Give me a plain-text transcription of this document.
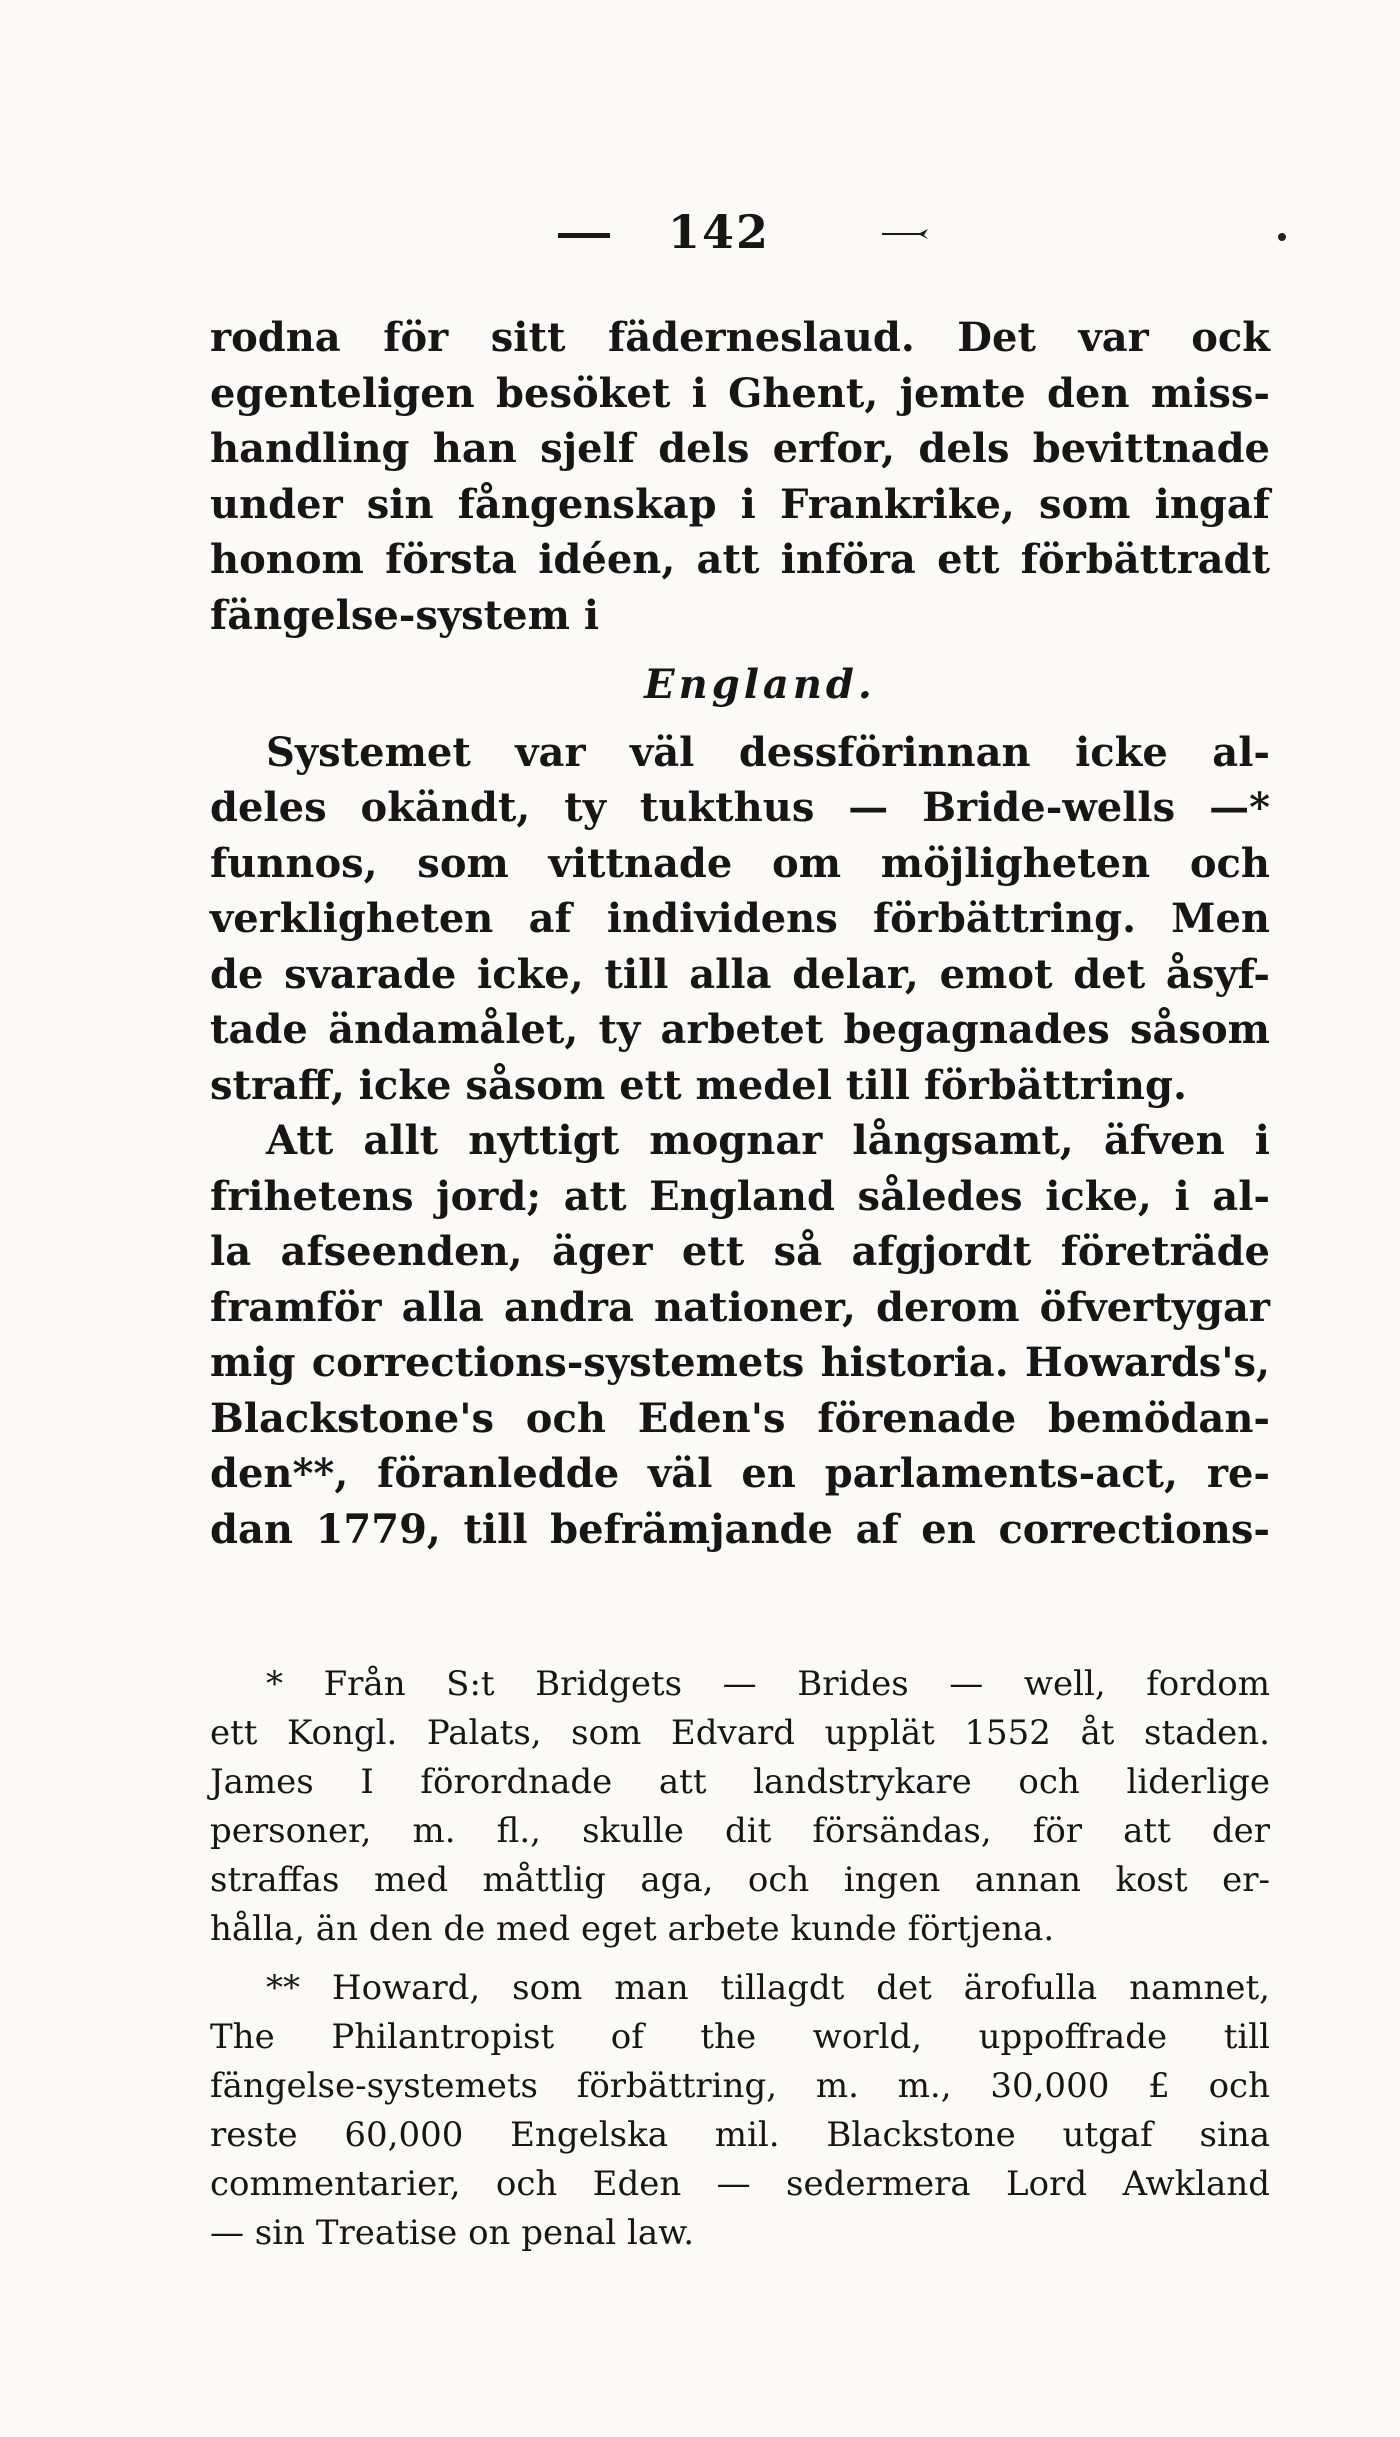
142
rodna för sitt fäderneslaud. Det var ock
egenteligen besöket i Ghent, jemte den miss-
handling han sjelf dels erfor, dels bevittnade
under sin fångenskap i Frankrike, som ingaf
honom första idéen, att införa ett förbättradt
fängelse-system i
England.
Systemet var väl dessförinnan icke al-
deles okändt, ty tukthus — Bride-wells —*
funnos, som vittnade om möjligheten och
verkligheten af individens förbättring. Men
de svarade icke, till alla delar, emot det åsyf-
tade ändamålet, ty arbetet begagnades såsom
straff, icke såsom ett medel till förbättring.
Att allt nyttigt mognar långsamt, äfven i
frihetens jord; att England således icke, i al-
la afseenden, äger ett så afgjordt företräde
framför alla andra nationer, derom öfvertygar
mig corrections-systemets historia. Howards's,
Blackstone's och Eden's förenade bemödan-
den**, föranledde väl en parlaments-act, re-
dan 1779, till befrämjande af en corrections-
* Från S:t Bridgets — Brides — well, fordom
ett Kongl. Palats, som Edvard upplät 1552 åt staden.
James I förordnade att landstrykare och liderlige
personer, m. fl., skulle dit försändas, för att der
straffas med måttlig aga, och ingen annan kost er-
hålla, än den de med eget arbete kunde förtjena.
** Howard, som man tillagdt det ärofulla namnet,
The Philantropist of the world, uppoffrade till
fängelse-systemets förbättring, m. m., 30,000 £ och
reste 60,000 Engelska mil. Blackstone utgaf sina
commentarier, och Eden — sedermera Lord Awkland
— sin Treatise on penal law.
